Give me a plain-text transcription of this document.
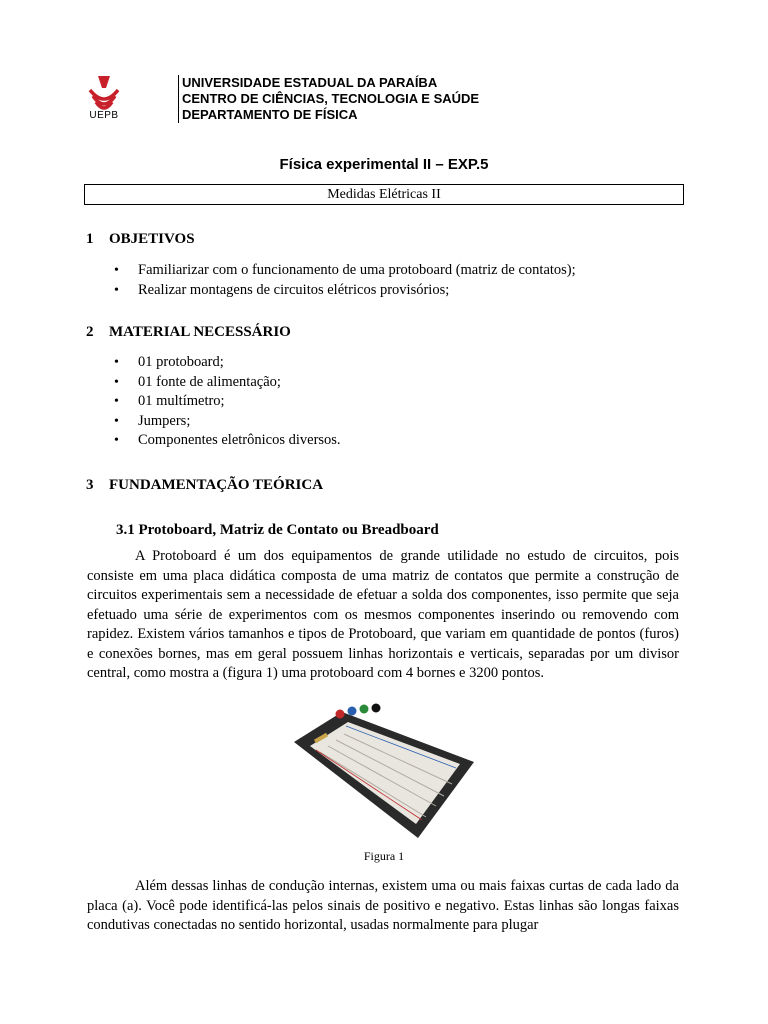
UEPB
UNIVERSIDADE ESTADUAL DA PARAÍBA
CENTRO DE CIÊNCIAS, TECNOLOGIA E SAÚDE
DEPARTAMENTO DE FÍSICA
Física experimental II – EXP.5
Medidas Elétricas II
1 OBJETIVOS
• Familiarizar com o funcionamento de uma protoboard (matriz de contatos);
• Realizar montagens de circuitos elétricos provisórios;
2 MATERIAL NECESSÁRIO
• 01 protoboard;
• 01 fonte de alimentação;
• 01 multímetro;
• Jumpers;
• Componentes eletrônicos diversos.
3 FUNDAMENTAÇÃO TEÓRICA
3.1 Protoboard, Matriz de Contato ou Breadboard

A Protoboard é um dos equipamentos de grande utilidade no estudo de circuitos, pois consiste em uma placa didática composta de uma matriz de contatos que permite a construção de circuitos experimentais sem a necessidade de efetuar a solda dos componentes, isso permite que seja efetuado uma série de experimentos com os mesmos componentes inserindo ou removendo com rapidez. Existem vários tamanhos e tipos de Protoboard, que variam em quantidade de pontos (furos) e conexões bornes, mas em geral possuem linhas horizontais e verticais, separadas por um divisor central, como mostra a (figura 1) uma protoboard com 4 bornes e 3200 pontos.

Figura 1

Além dessas linhas de condução internas, existem uma ou mais faixas curtas de cada lado da placa (a). Você pode identificá-las pelos sinais de positivo e negativo. Estas linhas são longas faixas condutivas conectadas no sentido horizontal, usadas normalmente para plugar
